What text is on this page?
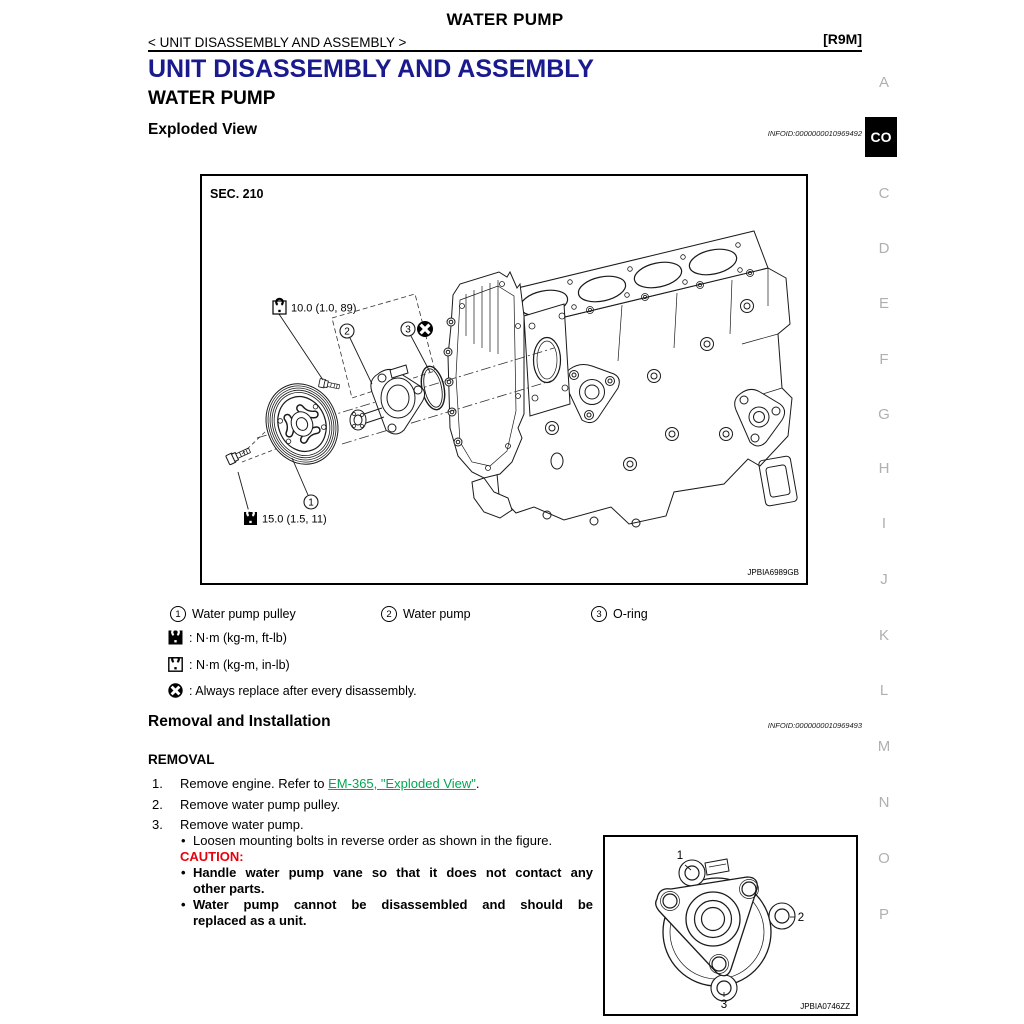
WATER PUMP
< UNIT DISASSEMBLY AND ASSEMBLY >	[R9M]
UNIT DISASSEMBLY AND ASSEMBLY
WATER PUMP
Exploded View	INFOID:0000000010969492
A
CO
C
D
E
F
G
H
I
J
K
L
M
N
O
P
2	3
1
10.0 (1.0, 89)
15.0 (1.5, 11)
SEC. 210
JPBIA6989GB
1 Water pump pulley	2 Water pump	3 O-ring
: N·m (kg-m, ft-lb)
: N·m (kg-m, in-lb)
: Always replace after every disassembly.
Removal and Installation	INFOID:0000000010969493
REMOVAL
1.	Remove engine. Refer to EM-365, "Exploded View".
2.	Remove water pump pulley.
3.	Remove water pump.
• Loosen mounting bolts in reverse order as shown in the figure.
CAUTION:
• Handle water pump vane so that it does not contact any
other parts.
• Water pump cannot be disassembled and should be
replaced as a unit.
1
2
3	JPBIA0746ZZ
